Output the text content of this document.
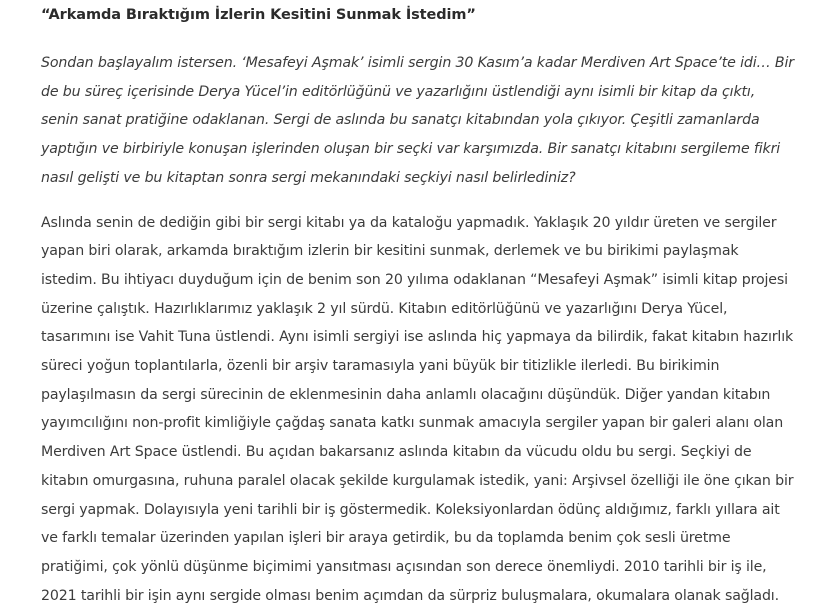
“Arkamda Bıraktığım İzlerin Kesitini Sunmak İstedim”

Sondan başlayalım istersen. ‘Mesafeyi Aşmak’ isimli sergin 30 Kasım’a kadar Merdiven Art Space’te idi… Bir de bu süreç içerisinde Derya Yücel’in editörlüğünü ve yazarlığını üstlendiği aynı isimli bir kitap da çıktı, senin sanat pratiğine odaklanan. Sergi de aslında bu sanatçı kitabından yola çıkıyor. Çeşitli zamanlarda yaptığın ve birbiriyle konuşan işlerinden oluşan bir seçki var karşımızda. Bir sanatçı kitabını sergileme fikri nasıl gelişti ve bu kitaptan sonra sergi mekanındaki seçkiyi nasıl belirlediniz?

Aslında senin de dediğin gibi bir sergi kitabı ya da kataloğu yapmadık. Yaklaşık 20 yıldır üreten ve sergiler yapan biri olarak, arkamda bıraktığım izlerin bir kesitini sunmak, derlemek ve bu birikimi paylaşmak istedim. Bu ihtiyacı duyduğum için de benim son 20 yılıma odaklanan “Mesafeyi Aşmak” isimli kitap projesi üzerine çalıştık. Hazırlıklarımız yaklaşık 2 yıl sürdü. Kitabın editörlüğünü ve yazarlığını Derya Yücel, tasarımını ise Vahit Tuna üstlendi. Aynı isimli sergiyi ise aslında hiç yapmaya da bilirdik, fakat kitabın hazırlık süreci yoğun toplantılarla, özenli bir arşiv taramasıyla yani büyük bir titizlikle ilerledi. Bu birikimin paylaşılmasın da sergi sürecinin de eklenmesinin daha anlamlı olacağını düşündük. Diğer yandan kitabın yayımcılığını non-profit kimliğiyle çağdaş sanata katkı sunmak amacıyla sergiler yapan bir galeri alanı olan Merdiven Art Space üstlendi. Bu açıdan bakarsanız aslında kitabın da vücudu oldu bu sergi. Seçkiyi de kitabın omurgasına, ruhuna paralel olacak şekilde kurgulamak istedik, yani: Arşivsel özelliği ile öne çıkan bir sergi yapmak. Dolayısıyla yeni tarihli bir iş göstermedik. Koleksiyonlardan ödünç aldığımız, farklı yıllara ait ve farklı temalar üzerinden yapılan işleri bir araya getirdik, bu da toplamda benim çok sesli üretme pratiğimi, çok yönlü düşünme biçimimi yansıtması açısından son derece önemliydi. 2010 tarihli bir iş ile, 2021 tarihli bir işin aynı sergide olması benim açımdan da sürpriz buluşmalara, okumalara olanak sağladı.
